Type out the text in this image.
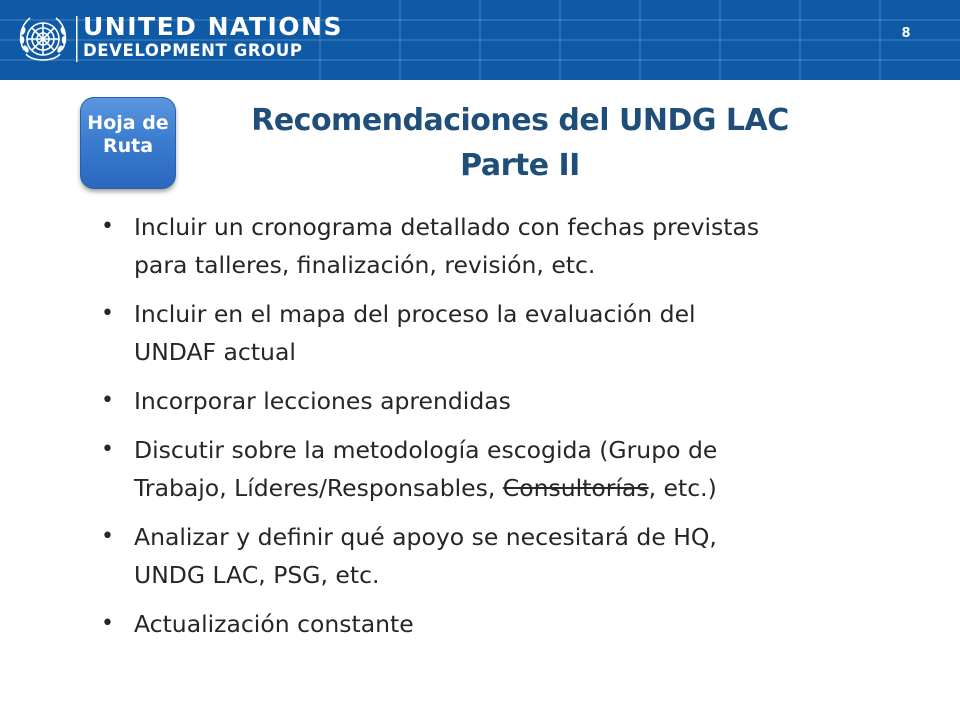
UNITED NATIONS
DEVELOPMENT GROUP
8
Hoja de
Ruta
Recomendaciones del UNDG LAC
Parte II
• Incluir un cronograma detallado con fechas previstas
para talleres, finalización, revisión, etc.
• Incluir en el mapa del proceso la evaluación del
UNDAF actual
• Incorporar lecciones aprendidas
• Discutir sobre la metodología escogida (Grupo de
Trabajo, Líderes/Responsables, Consultorías, etc.)
• Analizar y definir qué apoyo se necesitará de HQ,
UNDG LAC, PSG, etc.
• Actualización constante
